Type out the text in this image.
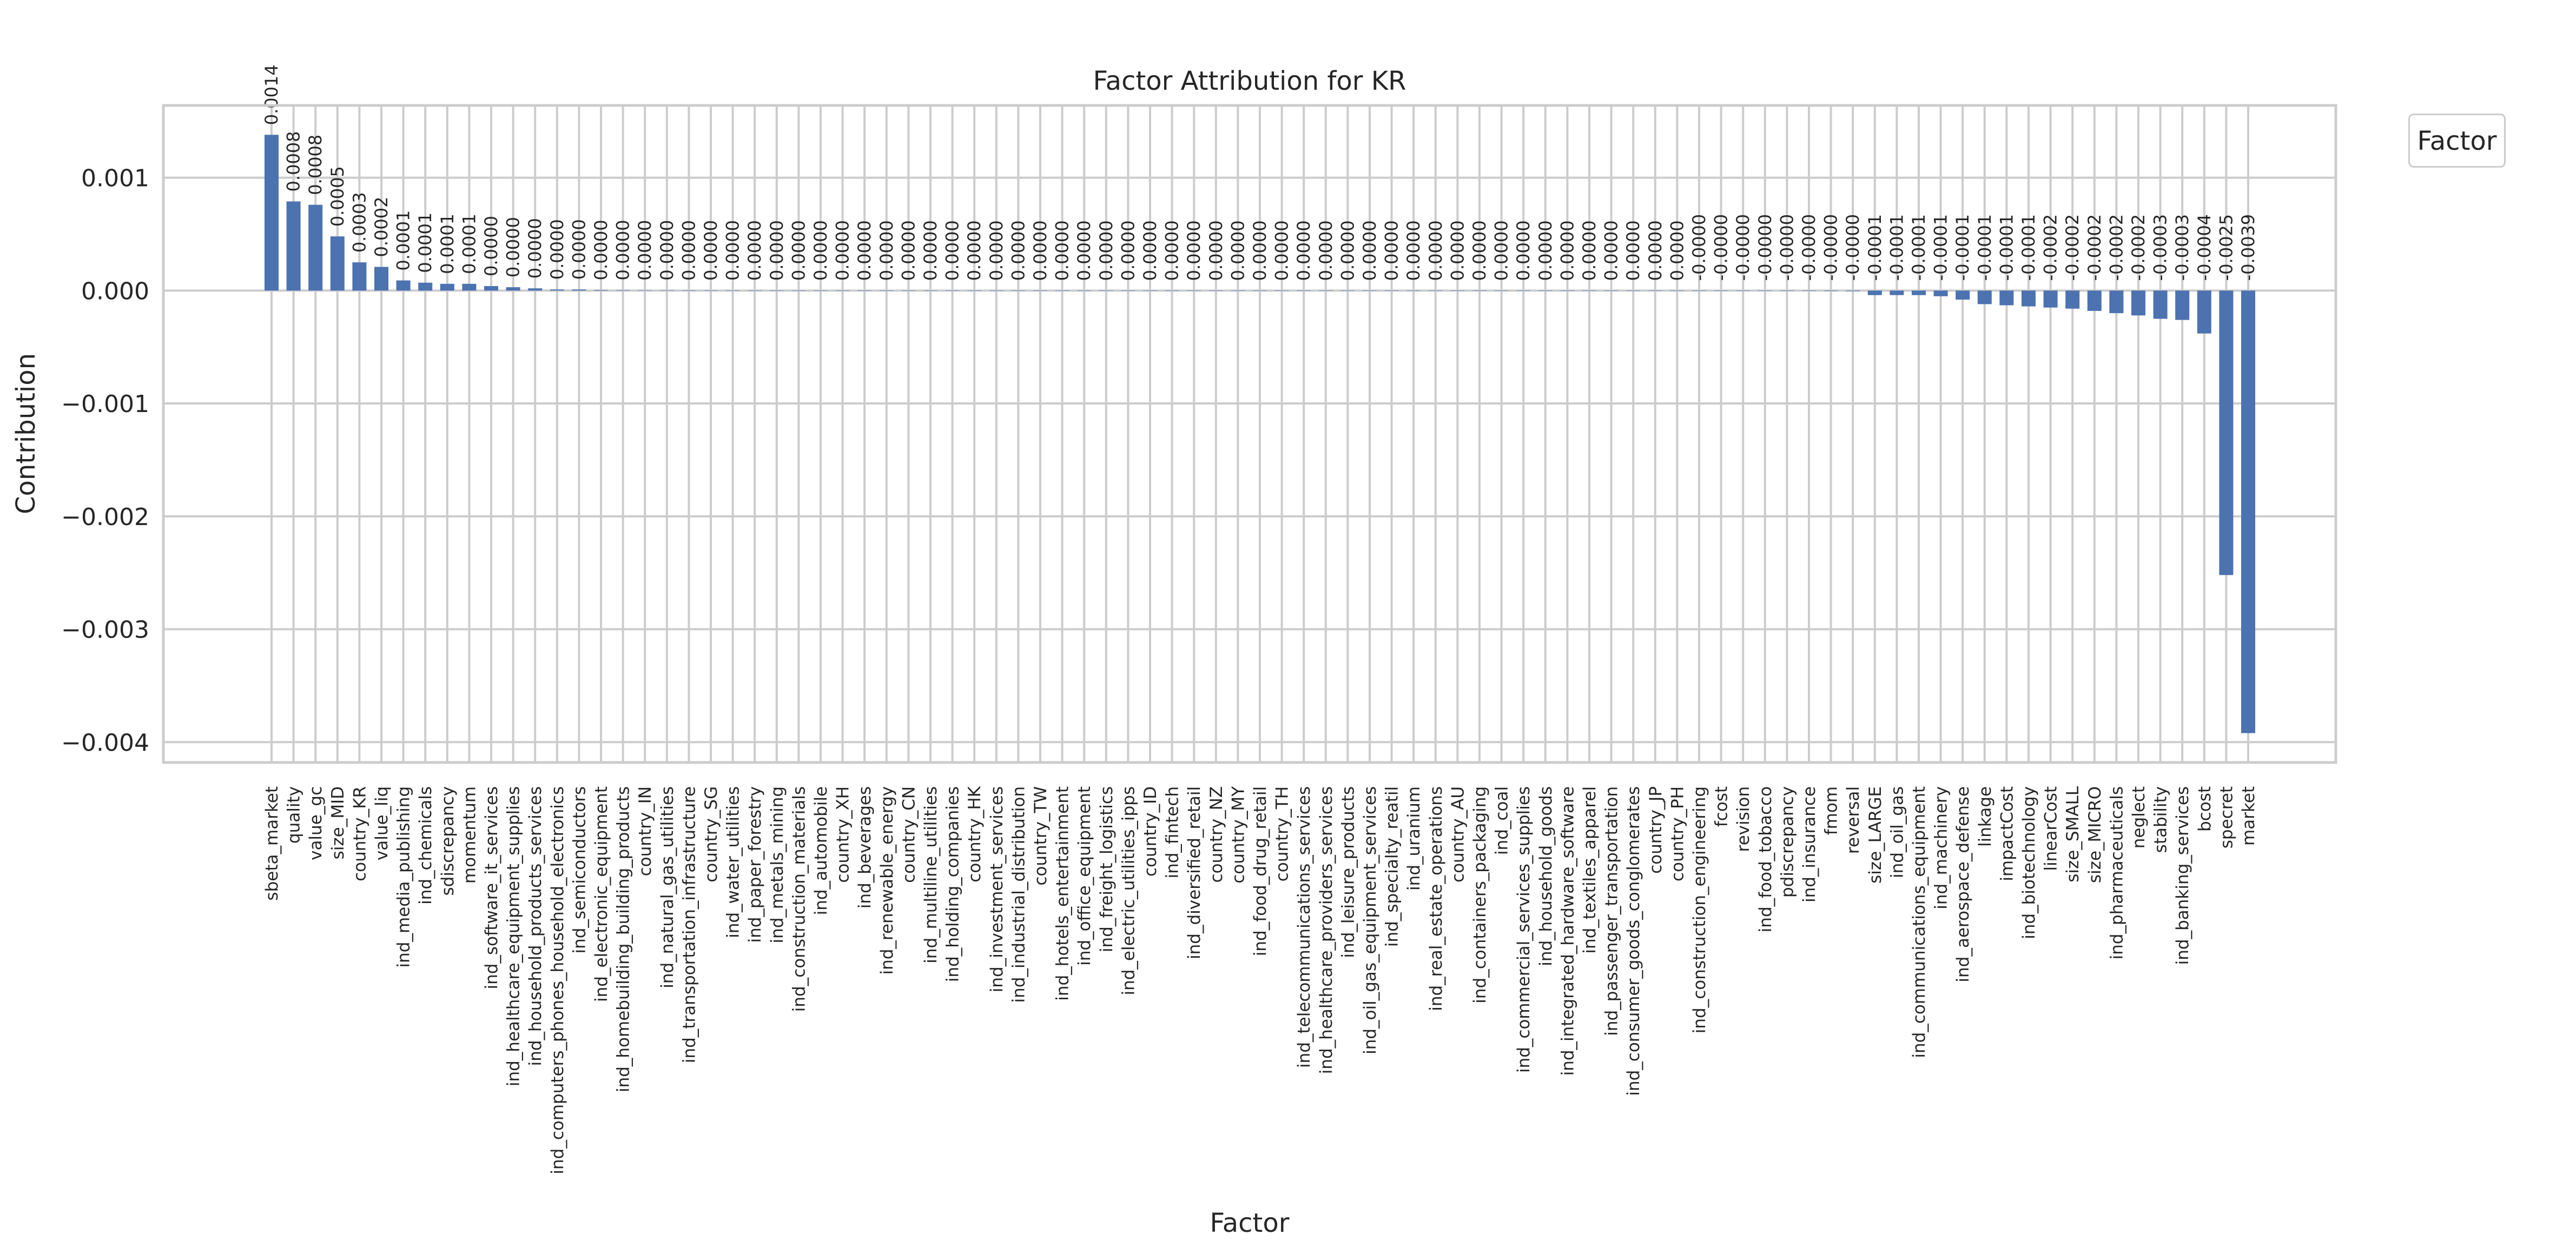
0.0014
0.0008 0.0008
0.0005 0.0003 0.0002 0.0001 0.0001 0.0001 0.0001 0.0000 0.0000 0.0000 0.0000 0.0000 0.0000 0.0000 0.0000 0.0000 0.0000 0.0000 0.0000 0.0000 0.0000 0.0000 0.0000 0.0000 0.0000 0.0000 0.0000 0.0000 0.0000 0.0000 0.0000 0.0000 0.0000 0.0000 0.0000 0.0000 0.0000 0.0000 0.0000 0.0000 0.0000 0.0000 0.0000 0.0000 0.0000 0.0000 0.0000 0.0000 0.0000 0.0000 0.0000 0.0000 0.0000 0.0000 0.0000 0.0000 0.0000 0.0000 0.0000 0.0000 0.0000 0.0000 -0.0000 -0.0000 -0.0000 -0.0000 -0.0000 -0.0000 -0.0000 -0.0000 -0.0001 -0.0001 -0.0001 -0.0001 -0.0001 -0.0001 -0.0001 -0.0001 -0.0002 -0.0002 -0.0002 -0.0002 -0.0002 -0.0003 -0.0003 -0.0004 -0.0025 -0.0039
0.001
0.000
−0.001
−0.002
−0.003
−0.004
sbeta_market quality value_gc size_MID country_KR value_liq ind_media_publishing ind_chemicals sdiscrepancy momentum ind_software_it_services ind_healthcare_equipment_supplies ind_household_products_services ind_computers_phones_household_electronics ind_semiconductors ind_electronic_equipment ind_homebuilding_building_products country_IN ind_natural_gas_utilities ind_transportation_infrastructure country_SG ind_water_utilities ind_paper_forestry ind_metals_mining ind_construction_materials ind_automobile country_XH ind_beverages ind_renewable_energy country_CN ind_multiline_utilities ind_holding_companies country_HK ind_investment_services ind_industrial_distribution country_TW ind_hotels_entertainment ind_office_equipment ind_freight_logistics ind_electric_utilities_ipps country_ID ind_fintech ind_diversified_retail country_NZ country_MY ind_food_drug_retail country_TH ind_telecommunications_services ind_healthcare_providers_services ind_leisure_products ind_oil_gas_equipment_services ind_specialty_reatil ind_uranium ind_real_estate_operations country_AU ind_containers_packaging ind_coal ind_commercial_services_supplies ind_household_goods ind_integrated_hardware_software ind_textiles_apparel ind_passenger_transportation ind_consumer_goods_conglomerates country_JP country_PH ind_construction_engineering fcost revision ind_food_tobacco pdiscrepancy ind_insurance fmom reversal size_LARGE ind_oil_gas ind_communications_equipment ind_machinery ind_aerospace_defense linkage impactCost ind_biotechnology linearCost size_SMALL size_MICRO ind_pharmaceuticals neglect stability ind_banking_services bcost specret market
Factor Attribution for KR
Factor
Contribution
Factor
